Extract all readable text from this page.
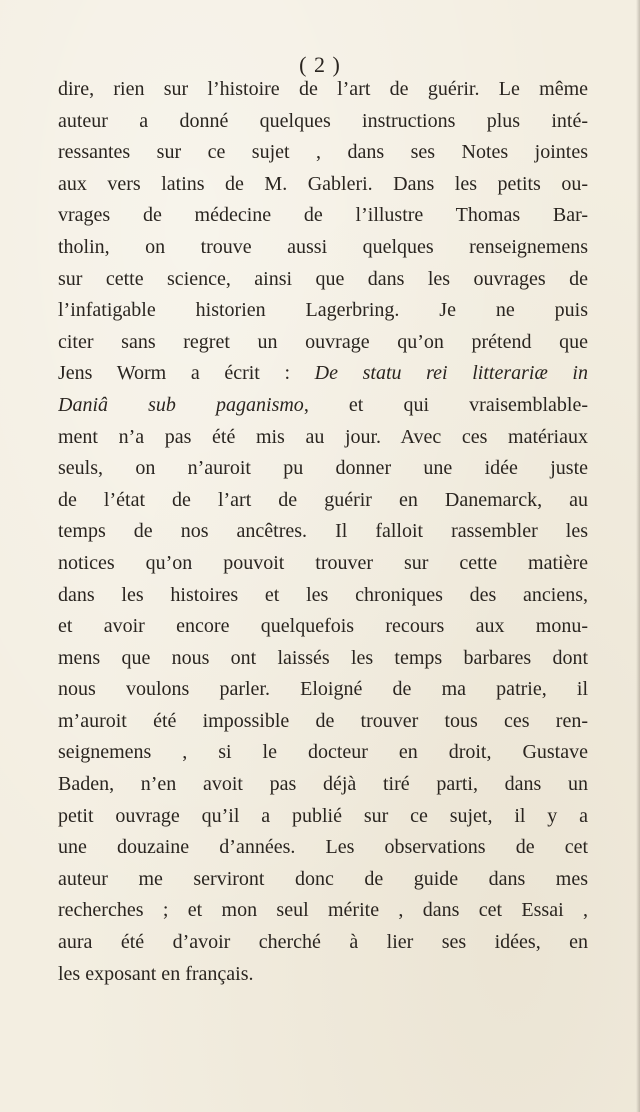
( 2 )
dire, rien sur l’histoire de l’art de guérir. Le même
auteur a donné quelques instructions plus inté-
ressantes sur ce sujet , dans ses Notes jointes
aux vers latins de M. Gableri. Dans les petits ou-
vrages de médecine de l’illustre Thomas Bar-
tholin, on trouve aussi quelques renseignemens
sur cette science, ainsi que dans les ouvrages de
l’infatigable historien Lagerbring. Je ne puis
citer sans regret un ouvrage qu’on prétend que
Jens Worm a écrit : De statu rei litterariæ in
Daniâ sub paganismo, et qui vraisemblable-
ment n’a pas été mis au jour. Avec ces matériaux
seuls, on n’auroit pu donner une idée juste
de l’état de l’art de guérir en Danemarck, au
temps de nos ancêtres. Il falloit rassembler les
notices qu’on pouvoit trouver sur cette matière
dans les histoires et les chroniques des anciens,
et avoir encore quelquefois recours aux monu-
mens que nous ont laissés les temps barbares dont
nous voulons parler. Eloigné de ma patrie, il
m’auroit été impossible de trouver tous ces ren-
seignemens , si le docteur en droit, Gustave
Baden, n’en avoit pas déjà tiré parti, dans un
petit ouvrage qu’il a publié sur ce sujet, il y a
une douzaine d’années. Les observations de cet
auteur me serviront donc de guide dans mes
recherches ; et mon seul mérite , dans cet Essai ,
aura été d’avoir cherché à lier ses idées, en
les exposant en français.
